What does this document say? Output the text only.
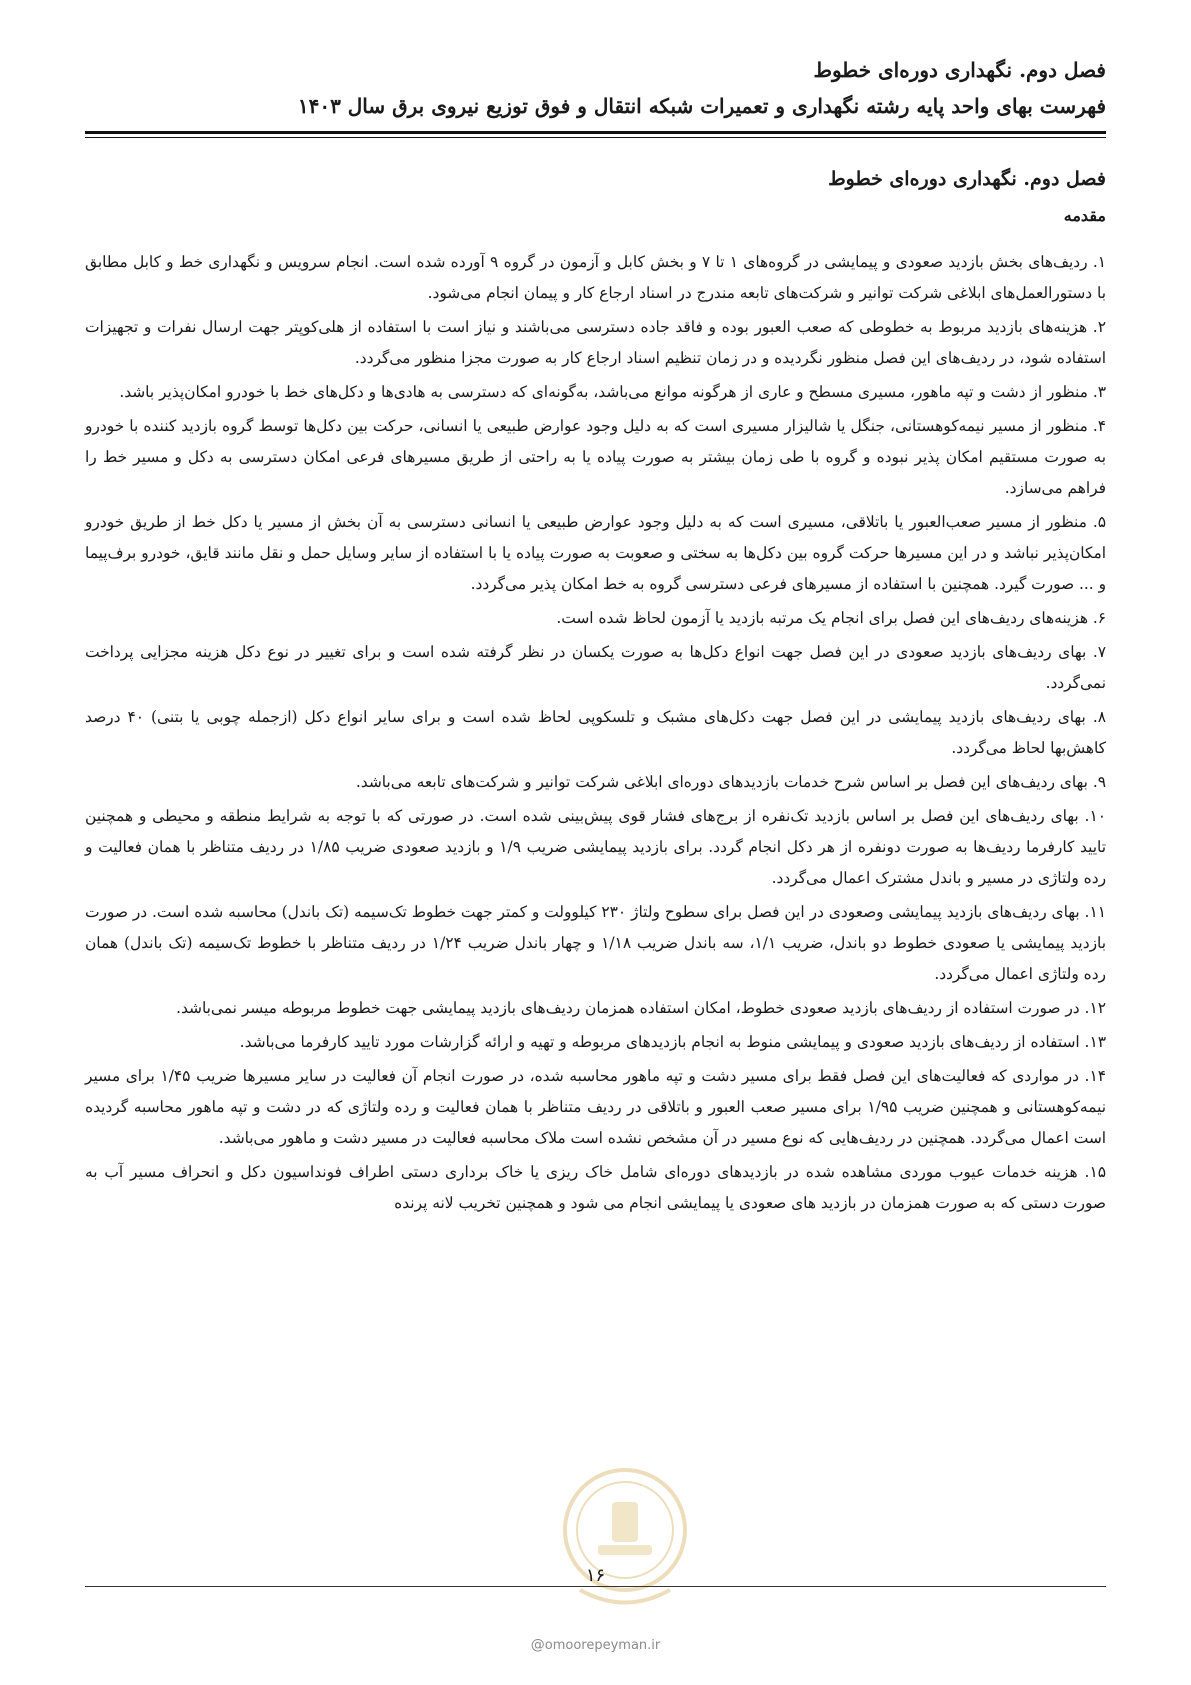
فصل دوم. نگهداری دوره‌ای خطوط
فهرست بهای واحد پایه رشته نگهداری و تعمیرات شبکه انتقال و فوق توزیع نیروی برق سال ۱۴۰۳
فصل دوم. نگهداری دوره‌ای خطوط
مقدمه

۱. ردیف‌های بخش بازدید صعودی و پیمایشی در گروه‌های ۱ تا ۷ و بخش کابل و آزمون در گروه ۹ آورده شده است. انجام سرویس و نگهداری خط و کابل مطابق با دستورالعمل‌های ابلاغی شرکت توانیر و شرکت‌های تابعه مندرج در اسناد ارجاع کار و پیمان انجام می‌شود.

۲. هزینه‌های بازدید مربوط به خطوطی که صعب العبور بوده و فاقد جاده دسترسی می‌باشند و نیاز است با استفاده از هلی‌کوپتر جهت ارسال نفرات و تجهیزات استفاده شود، در ردیف‌های این فصل منظور نگردیده و در زمان تنظیم اسناد ارجاع کار به صورت مجزا منظور می‌گردد.

۳. منظور از دشت و تپه ماهور، مسیری مسطح و عاری از هرگونه موانع می‌باشد، به‌گونه‌ای که دسترسی به هادی‌ها و دکل‌های خط با خودرو امکان‌پذیر باشد.

۴. منظور از مسیر نیمه‌کوهستانی، جنگل یا شالیزار مسیری است که به دلیل وجود عوارض طبیعی یا انسانی، حرکت بین دکل‌ها توسط گروه بازدید کننده با خودرو به صورت مستقیم امکان پذیر نبوده و گروه با طی زمان بیشتر به صورت پیاده یا به راحتی از طریق مسیرهای فرعی امکان دسترسی به دکل و مسیر خط را فراهم می‌سازد.

۵. منظور از مسیر صعب‌العبور یا باتلاقی، مسیری است که به دلیل وجود عوارض طبیعی یا انسانی دسترسی به آن بخش از مسیر یا دکل خط از طریق خودرو امکان‌پذیر نباشد و در این مسیرها حرکت گروه بین دکل‌ها به سختی و صعوبت به صورت پیاده یا با استفاده از سایر وسایل حمل و نقل مانند قایق، خودرو برف‌پیما و ... صورت گیرد. همچنین با استفاده از مسیرهای فرعی دسترسی گروه به خط امکان پذیر می‌گردد.

۶. هزینه‌های ردیف‌های این فصل برای انجام یک مرتبه بازدید یا آزمون لحاظ شده است.

۷. بهای ردیف‌های بازدید صعودی در این فصل جهت انواع دکل‌ها به صورت یکسان در نظر گرفته شده است و برای تغییر در نوع دکل هزینه مجزایی پرداخت نمی‌گردد.

۸. بهای ردیف‌های بازدید پیمایشی در این فصل جهت دکل‌های مشبک و تلسکوپی لحاظ شده است و برای سایر انواع دکل (ازجمله چوبی یا بتنی) ۴۰ درصد کاهش‌بها لحاظ می‌گردد.

۹. بهای ردیف‌های این فصل بر اساس شرح خدمات بازدیدهای دوره‌ای ابلاغی شرکت توانیر و شرکت‌های تابعه می‌باشد.

۱۰. بهای ردیف‌های این فصل بر اساس بازدید تک‌نفره از برج‌های فشار قوی پیش‌بینی شده است. در صورتی که با توجه به شرایط منطقه و محیطی و همچنین تایید کارفرما ردیف‌ها به صورت دونفره از هر دکل انجام گردد. برای بازدید پیمایشی ضریب ۱/۹ و بازدید صعودی ضریب ۱/۸۵ در ردیف متناظر با همان فعالیت و رده ولتاژی در مسیر و باندل مشترک اعمال می‌گردد.

۱۱. بهای ردیف‌های بازدید پیمایشی وصعودی در این فصل برای سطوح ولتاژ ۲۳۰ کیلوولت و کمتر جهت خطوط تک‌سیمه (تک باندل) محاسبه شده است. در صورت بازدید پیمایشی یا صعودی خطوط دو باندل، ضریب ۱/۱، سه باندل ضریب ۱/۱۸ و چهار باندل ضریب ۱/۲۴ در ردیف متناظر با خطوط تک‌سیمه (تک باندل) همان رده ولتاژی اعمال می‌گردد.

۱۲. در صورت استفاده از ردیف‌های بازدید صعودی خطوط، امکان استفاده همزمان ردیف‌های بازدید پیمایشی جهت خطوط مربوطه میسر نمی‌باشد.

۱۳. استفاده از ردیف‌های بازدید صعودی و پیمایشی منوط به انجام بازدیدهای مربوطه و تهیه و ارائه گزارشات مورد تایید کارفرما می‌باشد.

۱۴. در مواردی که فعالیت‌های این فصل فقط برای مسیر دشت و تپه ماهور محاسبه شده، در صورت انجام آن فعالیت در سایر مسیرها ضریب ۱/۴۵ برای مسیر نیمه‌کوهستانی و همچنین ضریب ۱/۹۵ برای مسیر صعب العبور و باتلاقی در ردیف متناظر با همان فعالیت و رده ولتاژی که در دشت و تپه ماهور محاسبه گردیده است اعمال می‌گردد. همچنین در ردیف‌هایی که نوع مسیر در آن مشخص نشده است ملاک محاسبه فعالیت در مسیر دشت و ماهور می‌باشد.

۱۵. هزینه خدمات عیوب موردی مشاهده شده در بازدیدهای دوره‌ای شامل خاک ریزی یا خاک برداری دستی اطراف فونداسیون دکل و انحراف مسیر آب به صورت دستی که به صورت همزمان در بازدید های صعودی یا پیمایشی انجام می شود و همچنین تخریب لانه پرنده

۱۶
@omoorepeyman.ir
